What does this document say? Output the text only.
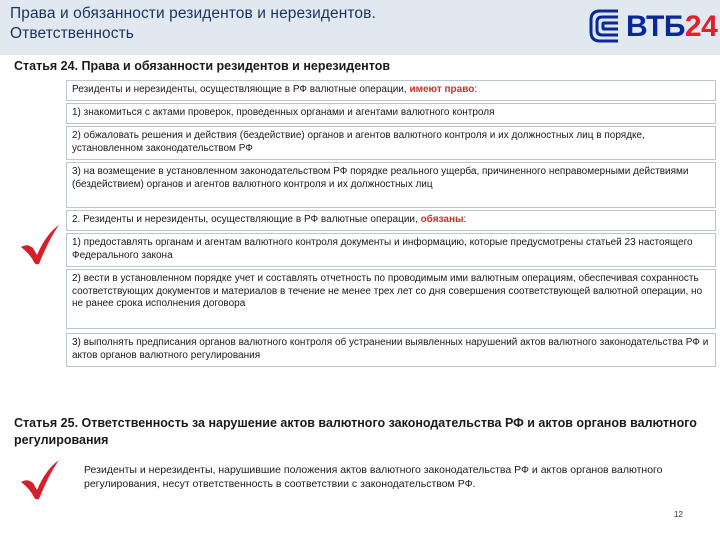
Права и обязанности резидентов и нерезидентов.
Ответственность	ВТБ24
Статья 24. Права и обязанности резидентов и нерезидентов
Резиденты и нерезиденты, осуществляющие в РФ валютные операции, имеют право:
1) знакомиться с актами проверок, проведенных органами и агентами валютного контроля
2) обжаловать решения и действия (бездействие) органов и агентов валютного контроля и их должностных лиц в порядке, установленном законодательством РФ
3) на возмещение в установленном законодательством РФ порядке реального ущерба, причиненного неправомерными действиями (бездействием) органов и агентов валютного контроля и их должностных лиц
2. Резиденты и нерезиденты, осуществляющие в РФ валютные операции, обязаны:
1) предоставлять органам и агентам валютного контроля документы и информацию, которые предусмотрены статьей 23 настоящего Федерального закона
2) вести в установленном порядке учет и составлять отчетность по проводимым ими валютным операциям, обеспечивая сохранность соответствующих документов и материалов в течение не менее трех лет со дня совершения соответствующей валютной операции, но не ранее срока исполнения договора
3) выполнять предписания органов валютного контроля об устранении выявленных нарушений актов валютного законодательства РФ и актов органов валютного регулирования
Статья 25. Ответственность за нарушение актов валютного законодательства РФ и актов органов валютного регулирования
Резиденты и нерезиденты, нарушившие положения актов валютного законодательства РФ и актов органов валютного регулирования, несут ответственность в соответствии с законодательством РФ.
12
